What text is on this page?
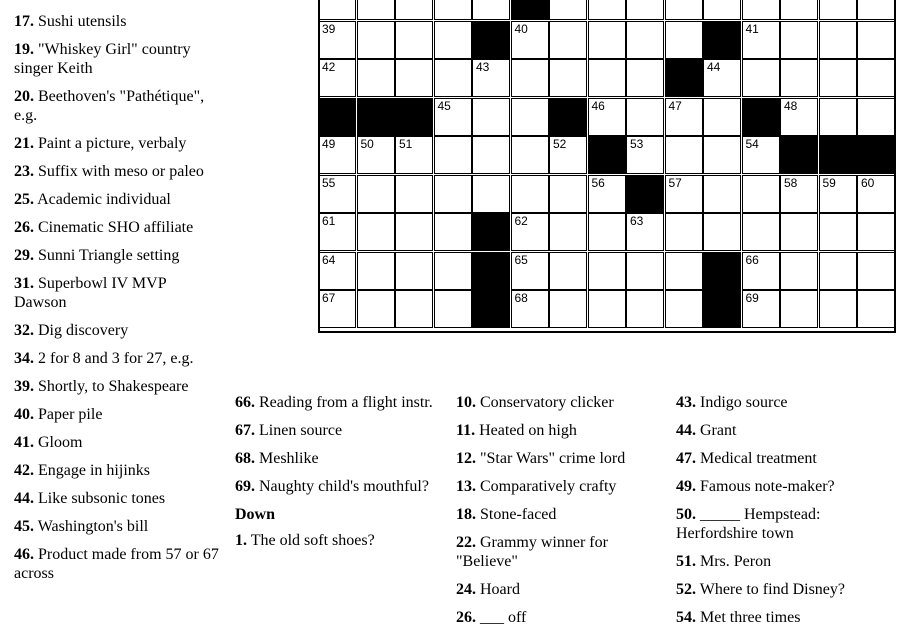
17. Sushi utensils
19. "Whiskey Girl" country singer Keith
20. Beethoven's "Pathétique", e.g.
21. Paint a picture, verbaly
23. Suffix with meso or paleo
25. Academic individual
26. Cinematic SHO affiliate
29. Sunni Triangle setting
31. Superbowl IV MVP Dawson
32. Dig discovery
34. 2 for 8 and 3 for 27, e.g.
39. Shortly, to Shakespeare
40. Paper pile
41. Gloom
42. Engage in hijinks
44. Like subsonic tones
45. Washington's bill
46. Product made from 57 or 67 across
66. Reading from a flight instr.
67. Linen source
68. Meshlike
69. Naughty child's mouthful?
Down
1. The old soft shoes?
10. Conservatory clicker
11. Heated on high
12. "Star Wars" crime lord
13. Comparatively crafty
18. Stone-faced
22. Grammy winner for "Believe"
24. Hoard
26. ___ off
43. Indigo source
44. Grant
47. Medical treatment
49. Famous note-maker?
50. _____ Hempstead: Herfordshire town
51. Mrs. Peron
52. Where to find Disney?
54. Met three times
39	40	41
42	43	44
45	46	47	48
49 50 51	52	53	54
55	56	57	58 59 60
61	62	63
64	65	66
67	68	69
